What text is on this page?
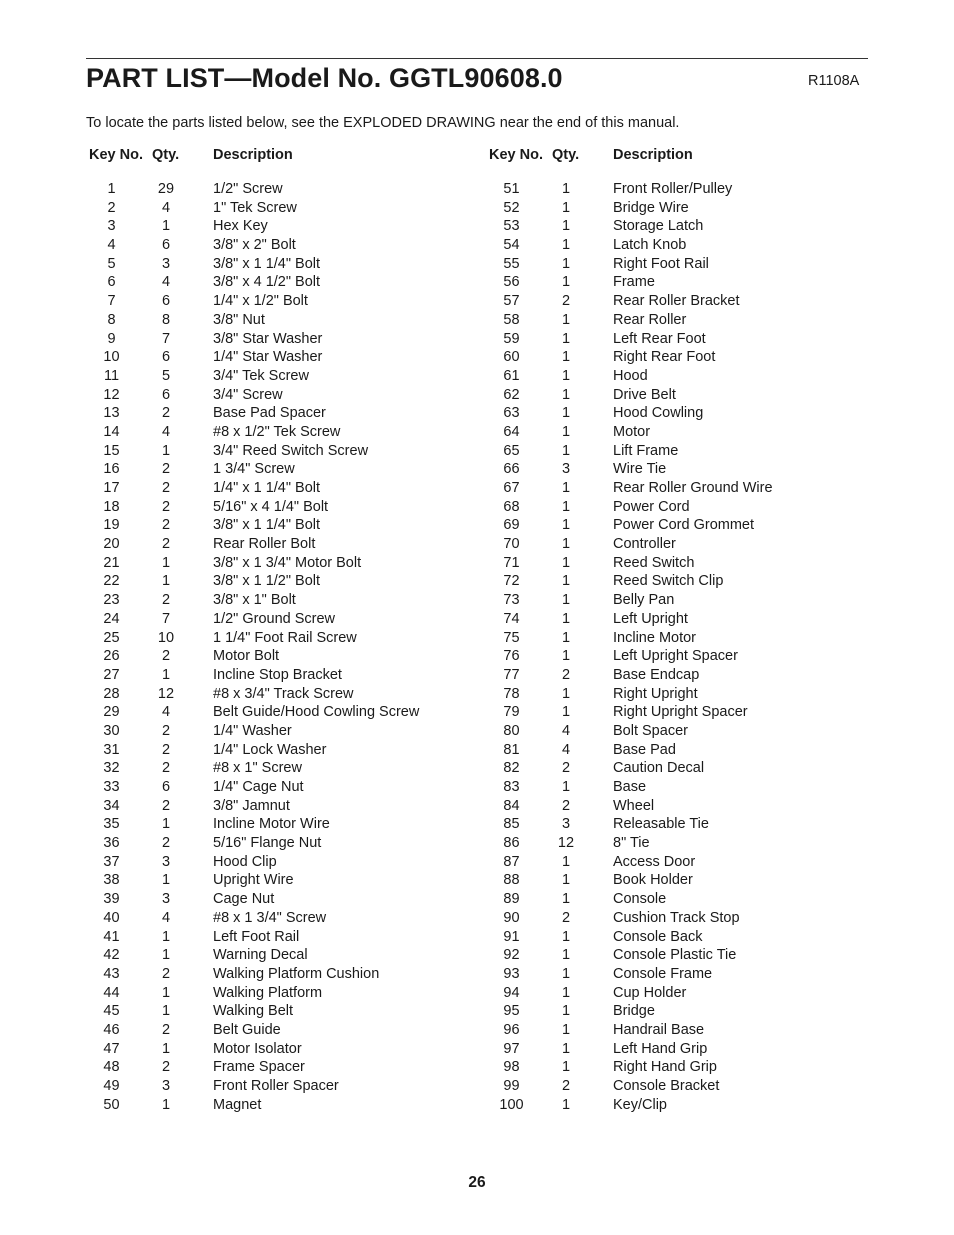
PART LIST—Model No. GGTL90608.0	R1108A
To locate the parts listed below, see the EXPLODED DRAWING near the end of this manual.
Key No. Qty. Description
1	29	1/2" Screw
2	4	1" Tek Screw
3	1	Hex Key
4	6	3/8" x 2" Bolt
5	3	3/8" x 1 1/4" Bolt
6	4	3/8" x 4 1/2" Bolt
7	6	1/4" x 1/2" Bolt
8	8	3/8" Nut
9	7	3/8" Star Washer
10	6	1/4" Star Washer
11	5	3/4" Tek Screw
12	6	3/4" Screw
13	2	Base Pad Spacer
14	4	#8 x 1/2" Tek Screw
15	1	3/4" Reed Switch Screw
16	2	1 3/4" Screw
17	2	1/4" x 1 1/4" Bolt
18	2	5/16" x 4 1/4" Bolt
19	2	3/8" x 1 1/4" Bolt
20	2	Rear Roller Bolt
21	1	3/8" x 1 3/4" Motor Bolt
22	1	3/8" x 1 1/2" Bolt
23	2	3/8" x 1" Bolt
24	7	1/2" Ground Screw
25	10	1 1/4" Foot Rail Screw
26	2	Motor Bolt
27	1	Incline Stop Bracket
28	12	#8 x 3/4" Track Screw
29	4	Belt Guide/Hood Cowling Screw
30	2	1/4" Washer
31	2	1/4" Lock Washer
32	2	#8 x 1" Screw
33	6	1/4" Cage Nut
34	2	3/8" Jamnut
35	1	Incline Motor Wire
36	2	5/16" Flange Nut
37	3	Hood Clip
38	1	Upright Wire
39	3	Cage Nut
40	4	#8 x 1 3/4" Screw
41	1	Left Foot Rail
42	1	Warning Decal
43	2	Walking Platform Cushion
44	1	Walking Platform
45	1	Walking Belt
46	2	Belt Guide
47	1	Motor Isolator
48	2	Frame Spacer
49	3	Front Roller Spacer
50	1	Magnet
Key No. Qty. Description
51	1	Front Roller/Pulley
52	1	Bridge Wire
53	1	Storage Latch
54	1	Latch Knob
55	1	Right Foot Rail
56	1	Frame
57	2	Rear Roller Bracket
58	1	Rear Roller
59	1	Left Rear Foot
60	1	Right Rear Foot
61	1	Hood
62	1	Drive Belt
63	1	Hood Cowling
64	1	Motor
65	1	Lift Frame
66	3	Wire Tie
67	1	Rear Roller Ground Wire
68	1	Power Cord
69	1	Power Cord Grommet
70	1	Controller
71	1	Reed Switch
72	1	Reed Switch Clip
73	1	Belly Pan
74	1	Left Upright
75	1	Incline Motor
76	1	Left Upright Spacer
77	2	Base Endcap
78	1	Right Upright
79	1	Right Upright Spacer
80	4	Bolt Spacer
81	4	Base Pad
82	2	Caution Decal
83	1	Base
84	2	Wheel
85	3	Releasable Tie
86	12	8" Tie
87	1	Access Door
88	1	Book Holder
89	1	Console
90	2	Cushion Track Stop
91	1	Console Back
92	1	Console Plastic Tie
93	1	Console Frame
94	1	Cup Holder
95	1	Bridge
96	1	Handrail Base
97	1	Left Hand Grip
98	1	Right Hand Grip
99	2	Console Bracket
100	1	Key/Clip
26
